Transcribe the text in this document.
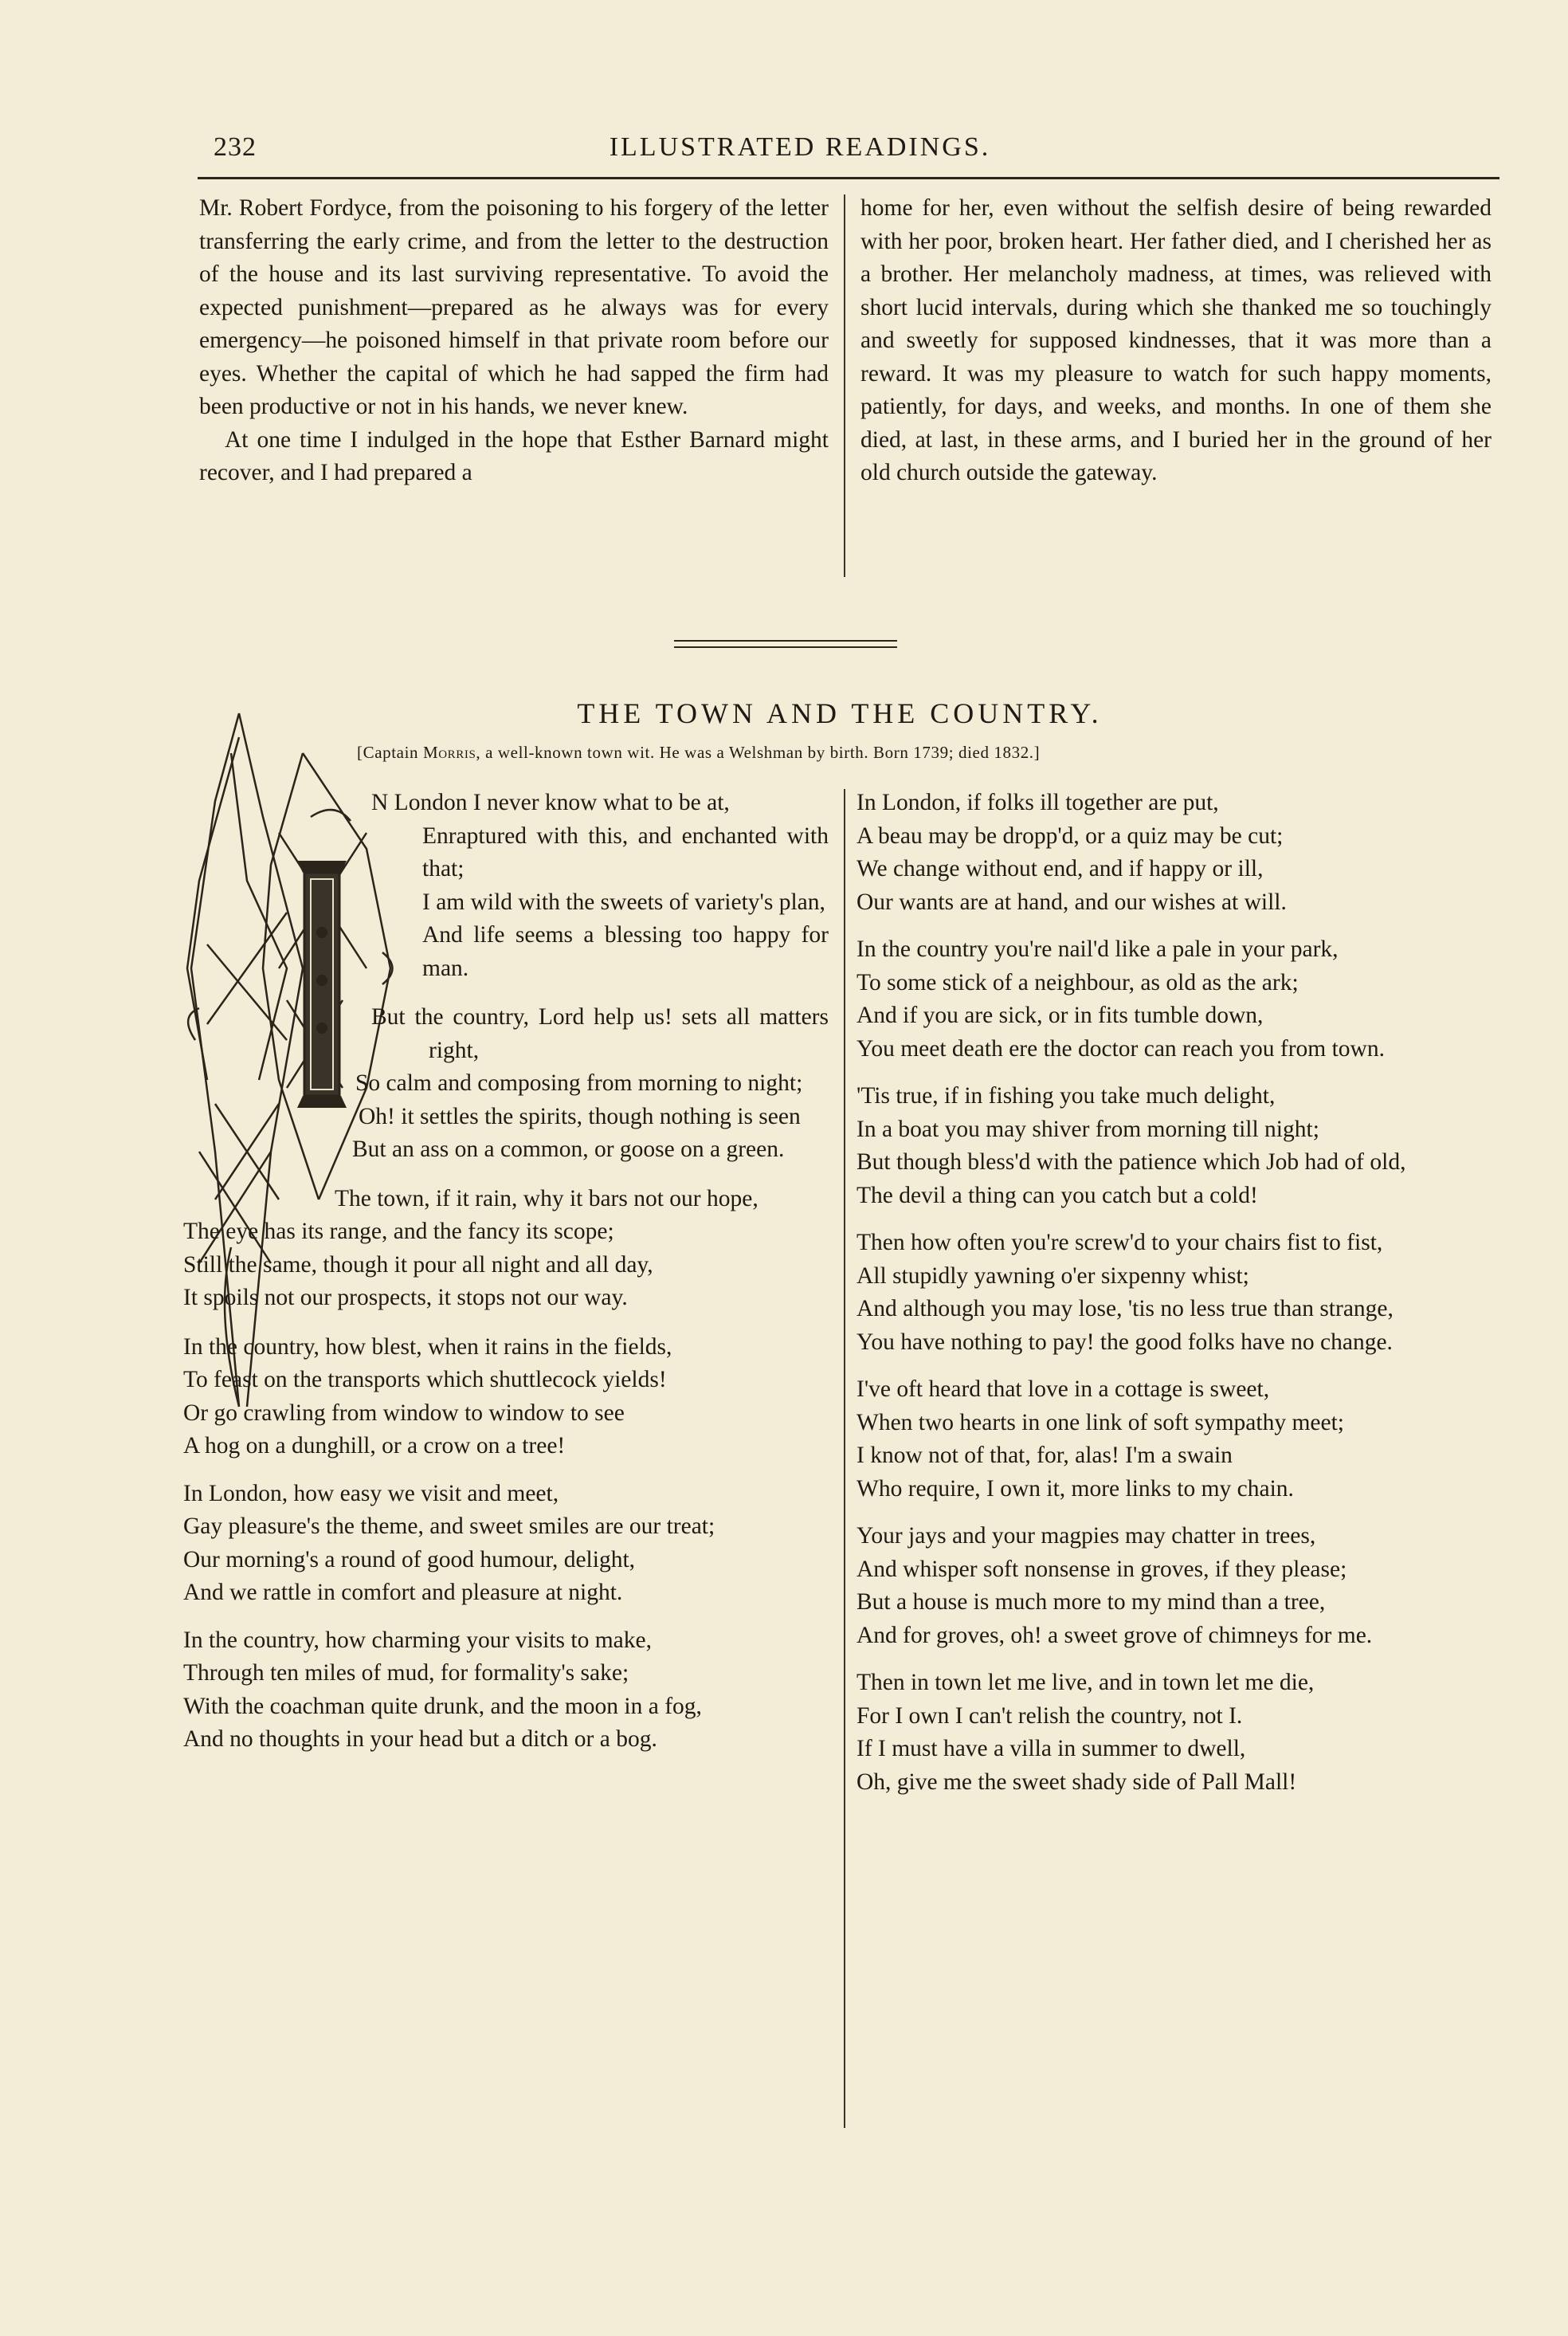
232	ILLUSTRATED READINGS.

Mr. Robert Fordyce, from the poisoning to his forgery of the letter transferring the early crime, and from the letter to the destruction of the house and its last surviving representative. To avoid the expected punishment—prepared as he always was for every emergency—he poisoned himself in that private room before our eyes. Whether the capital of which he had sapped the firm had been productive or not in his hands, we never knew.

At one time I indulged in the hope that Esther Barnard might recover, and I had prepared a

home for her, even without the selfish desire of being rewarded with her poor, broken heart. Her father died, and I cherished her as a brother. Her melancholy madness, at times, was relieved with short lucid intervals, during which she thanked me so touchingly and sweetly for supposed kindnesses, that it was more than a reward. It was my pleasure to watch for such happy moments, patiently, for days, and weeks, and months. In one of them she died, at last, in these arms, and I buried her in the ground of her old church outside the gateway.

THE TOWN AND THE COUNTRY.
[Captain Morris, a well-known town wit. He was a Welshman by birth. Born 1739; died 1832.]
N London I never know what to be at,
Enraptured with this, and enchanted with that;
I am wild with the sweets of variety's plan,
And life seems a blessing too happy for man.
But the country, Lord help us! sets all matters right,
So calm and composing from morning to night;
Oh! it settles the spirits, though nothing is seen
But an ass on a common, or goose on a green.
The town, if it rain, why it bars not our hope,
The eye has its range, and the fancy its scope;
Still the same, though it pour all night and all day,
It spoils not our prospects, it stops not our way.
In the country, how blest, when it rains in the fields,
To feast on the transports which shuttlecock yields!
Or go crawling from window to window to see
A hog on a dunghill, or a crow on a tree!
In London, how easy we visit and meet,
Gay pleasure's the theme, and sweet smiles are our treat;
Our morning's a round of good humour, delight,
And we rattle in comfort and pleasure at night.
In the country, how charming your visits to make,
Through ten miles of mud, for formality's sake;
With the coachman quite drunk, and the moon in a fog,
And no thoughts in your head but a ditch or a bog.
In London, if folks ill together are put,
A beau may be dropp'd, or a quiz may be cut;
We change without end, and if happy or ill,
Our wants are at hand, and our wishes at will.
In the country you're nail'd like a pale in your park,
To some stick of a neighbour, as old as the ark;
And if you are sick, or in fits tumble down,
You meet death ere the doctor can reach you from town.
'Tis true, if in fishing you take much delight,
In a boat you may shiver from morning till night;
But though bless'd with the patience which Job had of old,
The devil a thing can you catch but a cold!
Then how often you're screw'd to your chairs fist to fist,
All stupidly yawning o'er sixpenny whist;
And although you may lose, 'tis no less true than strange,
You have nothing to pay! the good folks have no change.
I've oft heard that love in a cottage is sweet,
When two hearts in one link of soft sympathy meet;
I know not of that, for, alas! I'm a swain
Who require, I own it, more links to my chain.
Your jays and your magpies may chatter in trees,
And whisper soft nonsense in groves, if they please;
But a house is much more to my mind than a tree,
And for groves, oh! a sweet grove of chimneys for me.
Then in town let me live, and in town let me die,
For I own I can't relish the country, not I.
If I must have a villa in summer to dwell,
Oh, give me the sweet shady side of Pall Mall!
